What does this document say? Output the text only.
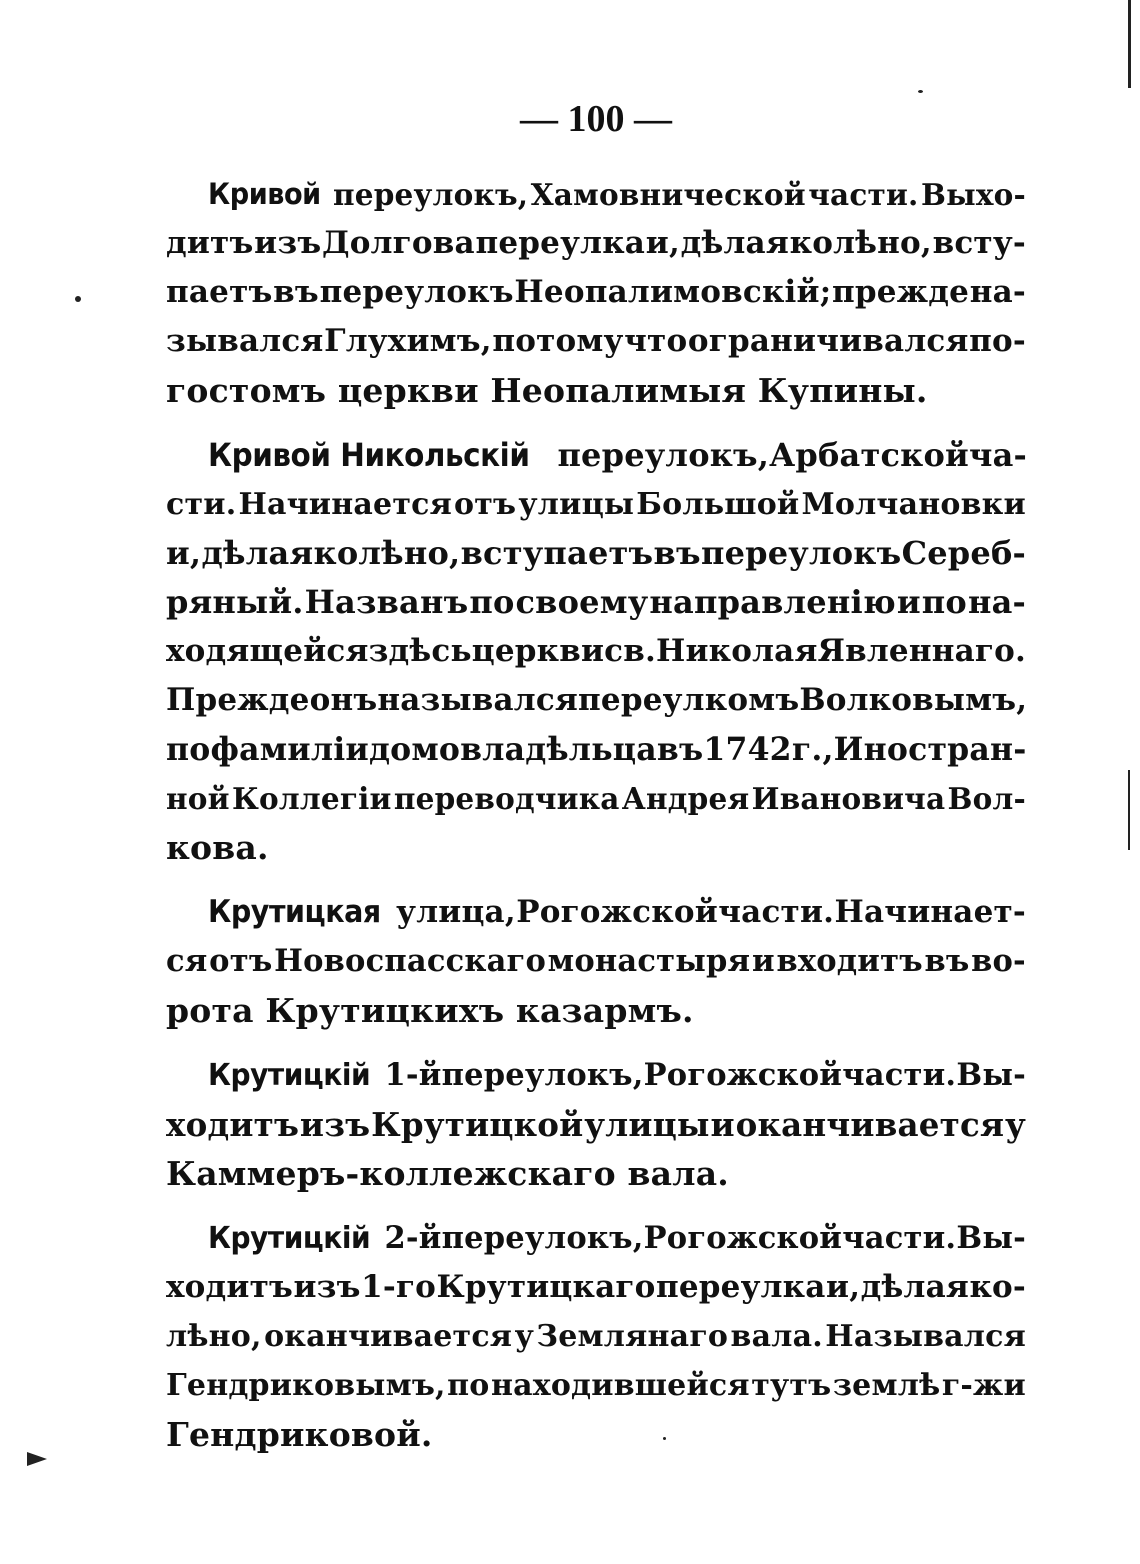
— 100 —
Кривой переулокъ, Хамовнической части. Выхо-
дитъ изъ Долгова переулка и, дѣлая колѣно, всту-
паетъ въ переулокъ Неопалимовскій; прежде на-
зывался Глухимъ, потому что ограничивался по-
гостомъ церкви Неопалимыя Купины.
Кривой Никольскій переулокъ, Арбатской ча-
сти. Начинается отъ улицы Большой Молчановки
и, дѣлая колѣно, вступаетъ въ переулокъ Сереб-
ряный. Названъ по своему направленію и по на-
ходящейся здѣсь церкви св. Николая Явленнаго.
Прежде онъ назывался переулкомъ Волковымъ,
по фамиліи домовладѣльца въ 1742 г., Иностран-
ной Коллегіи переводчика Андрея Ивановича Вол-
кова.
Крутицкая улица, Рогожской части. Начинает-
ся отъ Новоспасскаго монастыря и входитъ въ во-
рота Крутицкихъ казармъ.
Крутицкій 1-й переулокъ, Рогожской части. Вы-
ходитъ изъ Крутицкой улицы и оканчивается у
Каммеръ-коллежскаго вала.
Крутицкій 2-й переулокъ, Рогожской части. Вы-
ходитъ изъ 1-го Крутицкаго переулка и, дѣлая ко-
лѣно, оканчивается у Землянаго вала. Назывался
Гендриковымъ, по находившейся тутъ землѣ г-жи
Гендриковой.
